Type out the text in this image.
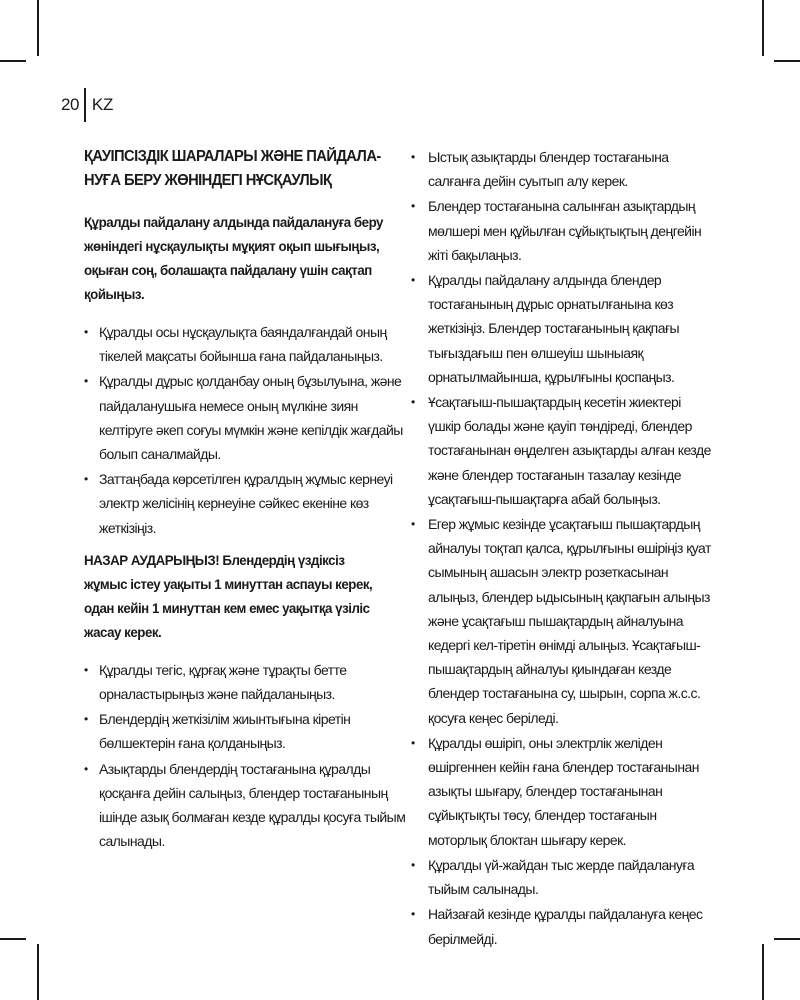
20 KZ
ҚАУІПСІЗДІК ШАРАЛАРЫ ЖӘНЕ ПАЙДАЛА-НУҒА БЕРУ ЖӨНІНДЕГІ НҰСҚАУЛЫҚ

Құралды пайдалану алдында пайдалануға беру жөніндегі нұсқаулықты мұқият оқып шығыңыз, оқыған соң, болашақта пайдалану үшін сақтап қойыңыз.

• Құралды осы нұсқаулықта баяндалғандай оның тікелей мақсаты бойынша ғана пайдаланыңыз.
• Құралды дұрыс қолданбау оның бұзылуына, және пайдаланушыға немесе оның мүлкіне зиян келтіруге әкеп соғуы мүмкін және кепілдік жағдайы болып саналмайды.
• Заттаңбада көрсетілген құралдың жұмыс кернеуі электр желісінің кернеуіне сәйкес екеніне көз жеткізіңіз.

НАЗАР АУДАРЫҢЫЗ! Блендердің үздіксіз жұмыс істеу уақыты 1 минуттан аспауы керек, одан кейін 1 минуттан кем емес уақытқа үзіліс жасау керек.

• Құралды тегіс, құрғақ және тұрақты бетте орналастырыңыз және пайдаланыңыз.
• Блендердің жеткізілім жиынтығына кіретін бөлшектерін ғана қолданыңыз.
• Азықтарды блендердің тостағанына құралды қосқанға дейін салыңыз, блендер тостағанының ішінде азық болмаған кезде құралды қосуға тыйым салынады.
• Ыстық азықтарды блендер тостағанына салғанға дейін суытып алу керек.
• Блендер тостағанына салынған азықтардың мөлшері мен құйылған сұйықтықтың деңгейін жіті бақылаңыз.
• Құралды пайдалану алдында блендер тостағанының дұрыс орнатылғанына көз жеткізіңіз. Блендер тостағанының қақпағы тығыздағыш пен өлшеуіш шыныаяқ орнатылмайынша, құрылғыны қоспаңыз.
• Ұсақтағыш-пышақтардың кесетін жиектері үшкір болады және қауіп төндіреді, блендер тостағанынан өңделген азықтарды алған кезде және блендер тостағанын тазалау кезінде ұсақтағыш-пышақтарға абай болыңыз.
• Егер жұмыс кезінде ұсақтағыш пышақтардың айналуы тоқтап қалса, құрылғыны өшіріңіз қуат сымының ашасын электр розеткасынан алыңыз, блендер ыдысының қақпағын алыңыз және ұсақтағыш пышақтардың айналуына кедергі кел-тіретін өнімді алыңыз. Ұсақтағыш-пышақтардың айналуы қиындаған кезде блендер тостағанына су, шырын, сорпа ж.с.с. қосуға кеңес беріледі.
• Құралды өшіріп, оны электрлік желіден өшіргеннен кейін ғана блендер тостағанынан азықты шығару, блендер тостағанынан сұйықтықты төсу, блендер тостағанын моторлық блоктан шығару керек.
• Құралды үй-жайдан тыс жерде пайдалануға тыйым салынады.
• Найзағай кезінде құралды пайдалануға кеңес берілмейді.
